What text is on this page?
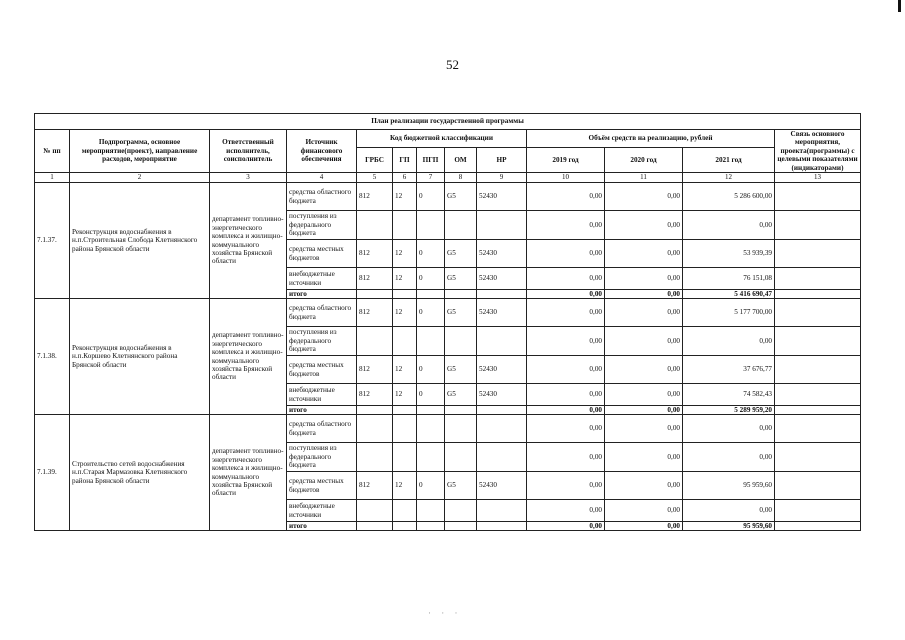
52
План реализации государственной программы												
№ пп	Подпрограмма, основное мероприятие(проект), направление расходов, мероприятие	Ответственный исполнитель, соисполнитель	Источник финансового обеспечения	Код бюджетной классификации					Объём средств на реализацию, рублей			Связь основного мероприятия, проекта(программы) с целевыми показателями (индикаторами)
				ГРБС	ГП	ПГП	ОМ	НР	2019 год	2020 год	2021 год	
1	2	3	4	5	6	7	8	9	10	11	12	13
7.1.37.	Реконструкция водоснабжения в н.п.Строительная Слобода Клетнянского района Брянской области	департамент топливно-энергетического комплекса и жилищно-коммунального хозяйства Брянской области	средства областного бюджета	812	12	0	G5	52430	0,00	0,00	5 286 600,00	
			поступления из федерального бюджета						0,00	0,00	0,00	
			средства местных бюджетов	812	12	0	G5	52430	0,00	0,00	53 939,39	
			внебюджетные источники	812	12	0	G5	52430	0,00	0,00	76 151,08	
			итого						0,00	0,00	5 416 690,47	
7.1.38.	Реконструкция водоснабжения в н.п.Коршево Клетнянского района Брянской области	департамент топливно-энергетического комплекса и жилищно-коммунального хозяйства Брянской области	средства областного бюджета	812	12	0	G5	52430	0,00	0,00	5 177 700,00	
			поступления из федерального бюджета						0,00	0,00	0,00	
			средства местных бюджетов	812	12	0	G5	52430	0,00	0,00	37 676,77	
			внебюджетные источники	812	12	0	G5	52430	0,00	0,00	74 582,43	
			итого						0,00	0,00	5 289 959,20	
7.1.39.	Строительство сетей водоснабжения н.п.Старая Мармазовка Клетнянского района Брянской области	департамент топливно-энергетического комплекса и жилищно-коммунального хозяйства Брянской области	средства областного бюджета						0,00	0,00	0,00	
			поступления из федерального бюджета						0,00	0,00	0,00	
			средства местных бюджетов	812	12	0	G5	52430	0,00	0,00	95 959,60	
			внебюджетные источники						0,00	0,00	0,00	
			итого						0,00	0,00	95 959,60	
· · ·
